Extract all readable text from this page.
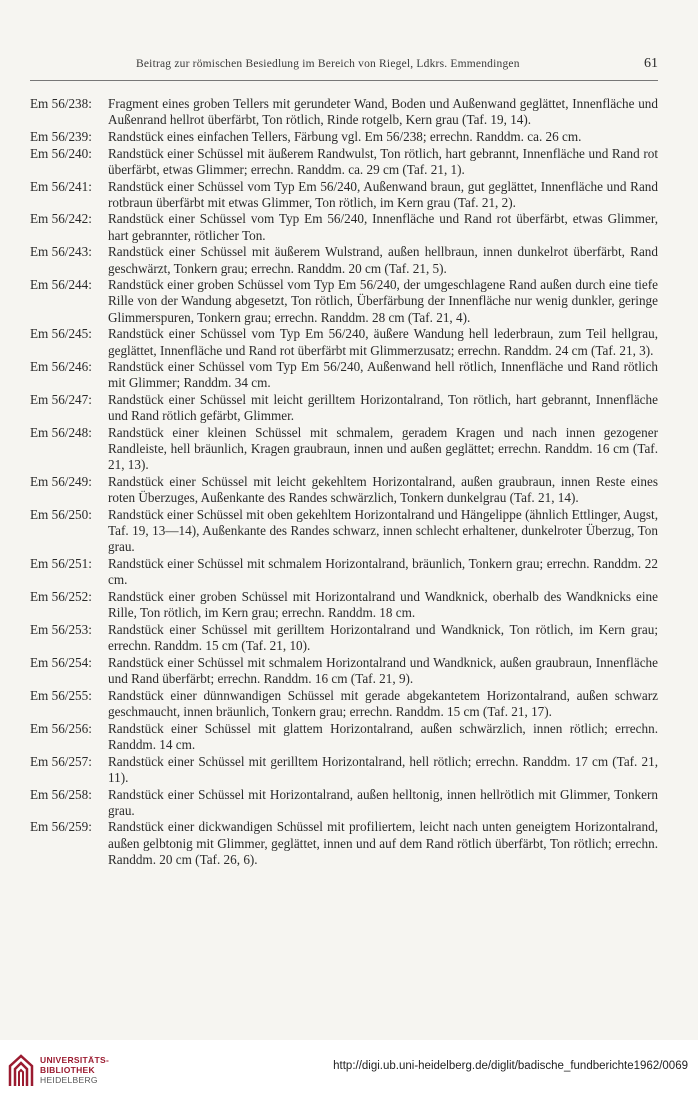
Beitrag zur römischen Besiedlung im Bereich von Riegel, Ldkrs. Emmendingen	61
Em 56/238:	Fragment eines groben Tellers mit gerundeter Wand, Boden und Außenwand geglättet, Innenfläche und Außenrand hellrot überfärbt, Ton rötlich, Rinde rotgelb, Kern grau (Taf. 19, 14).
Em 56/239:	Randstück eines einfachen Tellers, Färbung vgl. Em 56/238; errechn. Randdm. ca. 26 cm.
Em 56/240:	Randstück einer Schüssel mit äußerem Randwulst, Ton rötlich, hart gebrannt, Innenfläche und Rand rot überfärbt, etwas Glimmer; errechn. Randdm. ca. 29 cm (Taf. 21, 1).
Em 56/241:	Randstück einer Schüssel vom Typ Em 56/240, Außenwand braun, gut geglättet, Innenfläche und Rand rotbraun überfärbt mit etwas Glimmer, Ton rötlich, im Kern grau (Taf. 21, 2).
Em 56/242:	Randstück einer Schüssel vom Typ Em 56/240, Innenfläche und Rand rot überfärbt, etwas Glimmer, hart gebrannter, rötlicher Ton.
Em 56/243:	Randstück einer Schüssel mit äußerem Wulstrand, außen hellbraun, innen dunkelrot überfärbt, Rand geschwärzt, Tonkern grau; errechn. Randdm. 20 cm (Taf. 21, 5).
Em 56/244:	Randstück einer groben Schüssel vom Typ Em 56/240, der umgeschlagene Rand außen durch eine tiefe Rille von der Wandung abgesetzt, Ton rötlich, Überfärbung der Innenfläche nur wenig dunkler, geringe Glimmerspuren, Tonkern grau; errechn. Randdm. 28 cm (Taf. 21, 4).
Em 56/245:	Randstück einer Schüssel vom Typ Em 56/240, äußere Wandung hell lederbraun, zum Teil hellgrau, geglättet, Innenfläche und Rand rot überfärbt mit Glimmerzusatz; errechn. Randdm. 24 cm (Taf. 21, 3).
Em 56/246:	Randstück einer Schüssel vom Typ Em 56/240, Außenwand hell rötlich, Innenfläche und Rand rötlich mit Glimmer; Randdm. 34 cm.
Em 56/247:	Randstück einer Schüssel mit leicht gerilltem Horizontalrand, Ton rötlich, hart gebrannt, Innenfläche und Rand rötlich gefärbt, Glimmer.
Em 56/248:	Randstück einer kleinen Schüssel mit schmalem, geradem Kragen und nach innen gezogener Randleiste, hell bräunlich, Kragen graubraun, innen und außen geglättet; errechn. Randdm. 16 cm (Taf. 21, 13).
Em 56/249:	Randstück einer Schüssel mit leicht gekehltem Horizontalrand, außen graubraun, innen Reste eines roten Überzuges, Außenkante des Randes schwärzlich, Tonkern dunkelgrau (Taf. 21, 14).
Em 56/250:	Randstück einer Schüssel mit oben gekehltem Horizontalrand und Hängelippe (ähnlich Ettlinger, Augst, Taf. 19, 13—14), Außenkante des Randes schwarz, innen schlecht erhaltener, dunkelroter Überzug, Ton grau.
Em 56/251:	Randstück einer Schüssel mit schmalem Horizontalrand, bräunlich, Tonkern grau; errechn. Randdm. 22 cm.
Em 56/252:	Randstück einer groben Schüssel mit Horizontalrand und Wandknick, oberhalb des Wandknicks eine Rille, Ton rötlich, im Kern grau; errechn. Randdm. 18 cm.
Em 56/253:	Randstück einer Schüssel mit gerilltem Horizontalrand und Wandknick, Ton rötlich, im Kern grau; errechn. Randdm. 15 cm (Taf. 21, 10).
Em 56/254:	Randstück einer Schüssel mit schmalem Horizontalrand und Wandknick, außen graubraun, Innenfläche und Rand überfärbt; errechn. Randdm. 16 cm (Taf. 21, 9).
Em 56/255:	Randstück einer dünnwandigen Schüssel mit gerade abgekantetem Horizontalrand, außen schwarz geschmaucht, innen bräunlich, Tonkern grau; errechn. Randdm. 15 cm (Taf. 21, 17).
Em 56/256:	Randstück einer Schüssel mit glattem Horizontalrand, außen schwärzlich, innen rötlich; errechn. Randdm. 14 cm.
Em 56/257:	Randstück einer Schüssel mit gerilltem Horizontalrand, hell rötlich; errechn. Randdm. 17 cm (Taf. 21, 11).
Em 56/258:	Randstück einer Schüssel mit Horizontalrand, außen helltonig, innen hellrötlich mit Glimmer, Tonkern grau.
Em 56/259:	Randstück einer dickwandigen Schüssel mit profiliertem, leicht nach unten geneigtem Horizontalrand, außen gelbtonig mit Glimmer, geglättet, innen und auf dem Rand rötlich überfärbt, Ton rötlich; errechn. Randdm. 20 cm (Taf. 26, 6).
UNIVERSITÄTS-
BIBLIOTHEK
HEIDELBERG
http://digi.ub.uni-heidelberg.de/diglit/badische_fundberichte1962/0069
